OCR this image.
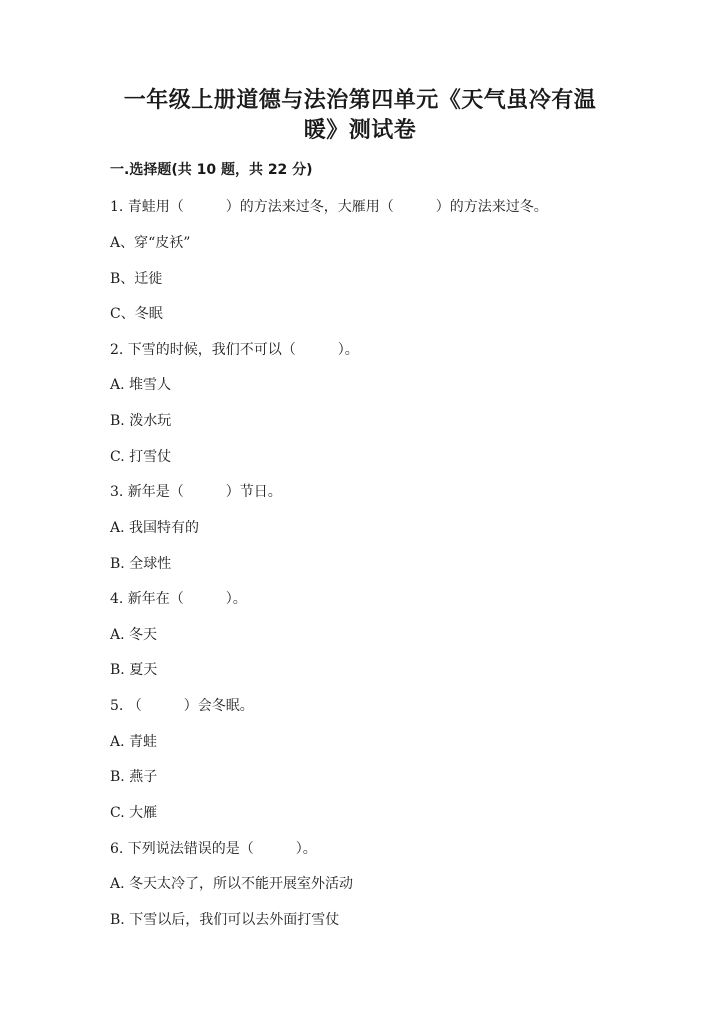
一年级上册道德与法治第四单元《天气虽冷有温
暖》测试卷
一.选择题(共 10 题，共 22 分)
1. 青蛙用（　　　）的方法来过冬，大雁用（　　　）的方法来过冬。
A、穿“皮袄”
B、迁徙
C、冬眠
2. 下雪的时候，我们不可以（　　　）。
A. 堆雪人
B. 泼水玩
C. 打雪仗
3. 新年是（　　　）节日。
A. 我国特有的
B. 全球性
4. 新年在（　　　）。
A. 冬天
B. 夏天
5. （　　　）会冬眠。
A. 青蛙
B. 燕子
C. 大雁
6. 下列说法错误的是（　　　）。
A. 冬天太冷了，所以不能开展室外活动
B. 下雪以后，我们可以去外面打雪仗
